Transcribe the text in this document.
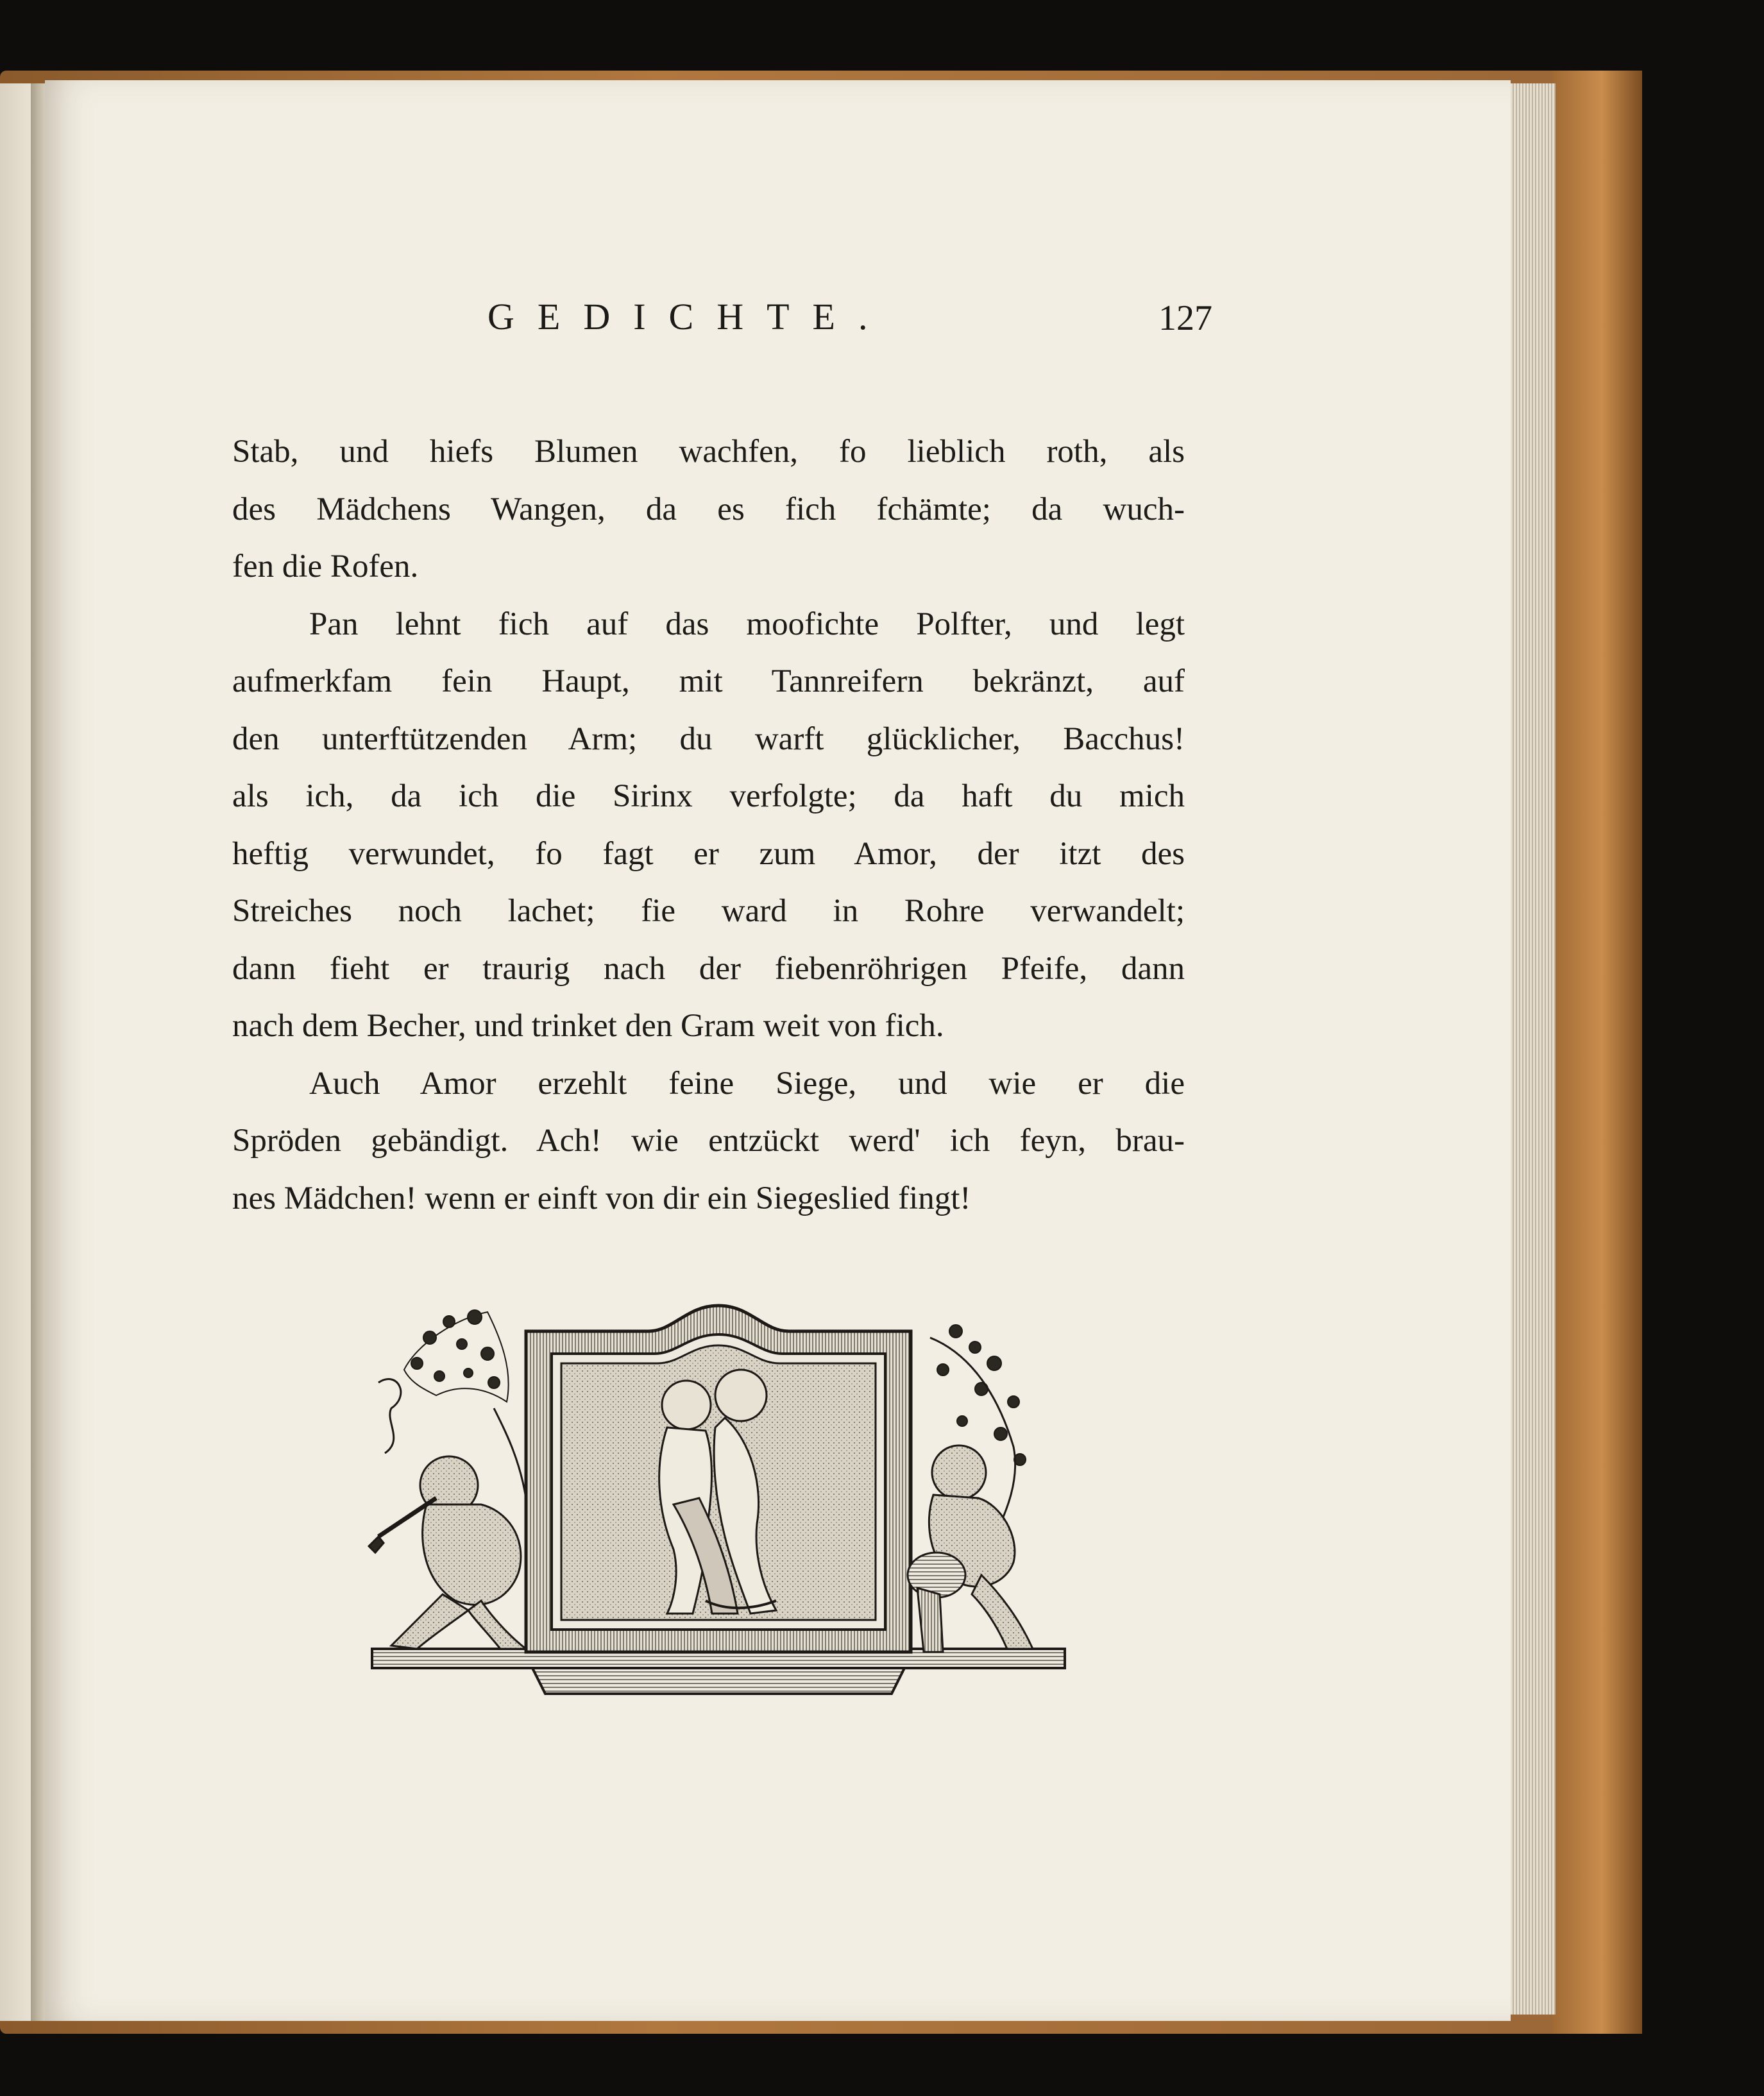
GEDICHTE.	127
Stab, und hiefs Blumen wachfen, fo lieblich roth, als
des Mädchens Wangen, da es fich fchämte; da wuch-
fen die Rofen.
Pan lehnt fich auf das moofichte Polfter, und legt
aufmerkfam fein Haupt, mit Tannreifern bekränzt, auf
den unterftützenden Arm; du warft glücklicher, Bacchus!
als ich, da ich die Sirinx verfolgte; da haft du mich
heftig verwundet, fo fagt er zum Amor, der itzt des
Streiches noch lachet; fie ward in Rohre verwandelt;
dann fieht er traurig nach der fiebenröhrigen Pfeife, dann
nach dem Becher, und trinket den Gram weit von fich.
Auch Amor erzehlt feine Siege, und wie er die
Spröden gebändigt. Ach! wie entzückt werd' ich feyn, brau-
nes Mädchen! wenn er einft von dir ein Siegeslied fingt!
